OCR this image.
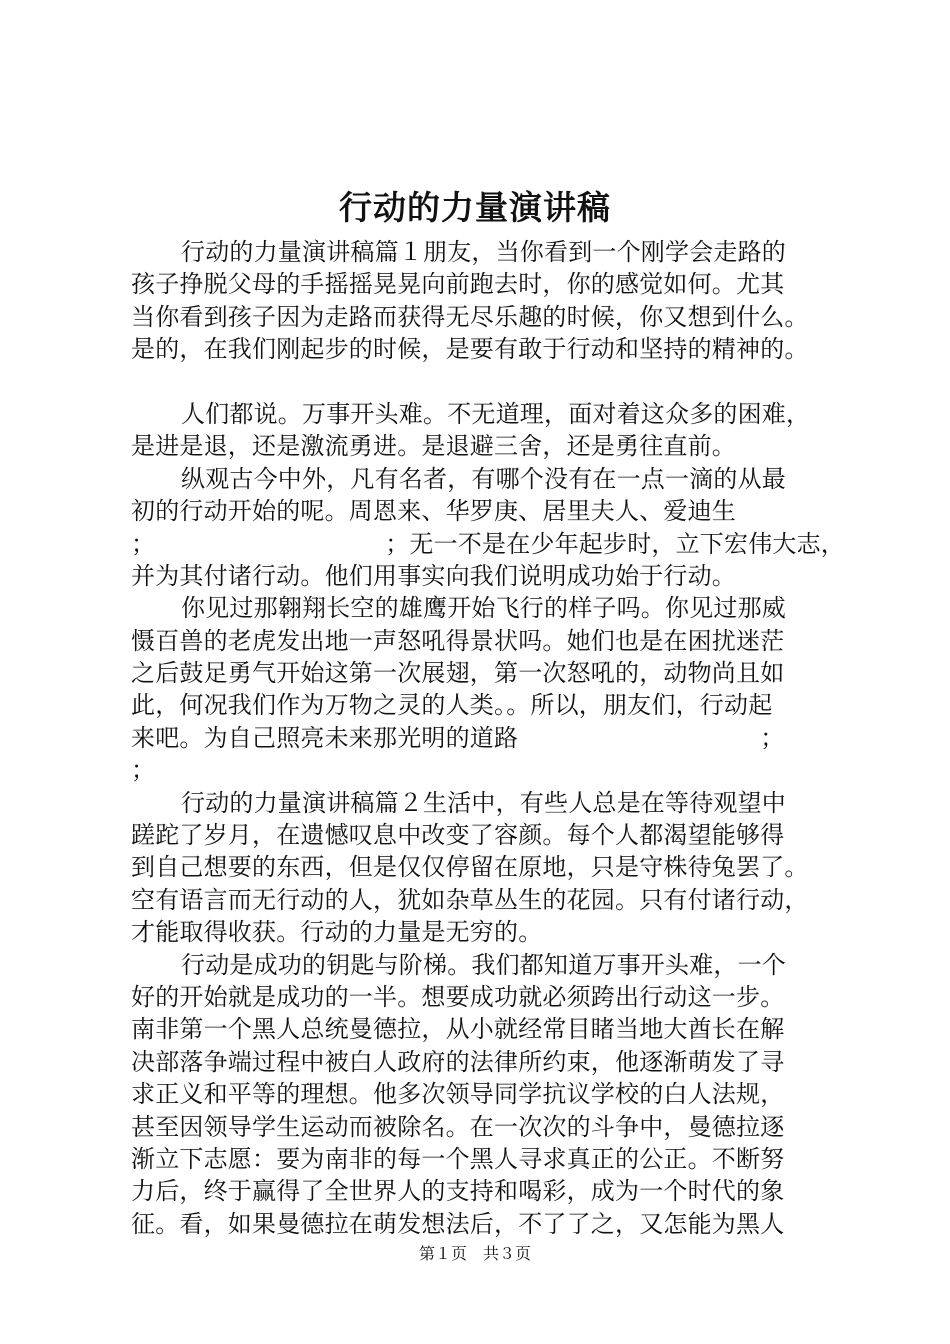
行动的力量演讲稿
行动的力量演讲稿篇１朋友，当你看到一个刚学会走路的
孩子挣脱父母的手摇摇晃晃向前跑去时，你的感觉如何。尤其
当你看到孩子因为走路而获得无尽乐趣的时候，你又想到什么。
是的，在我们刚起步的时候，是要有敢于行动和坚持的精神的。
人们都说。万事开头难。不无道理，面对着这众多的困难，
是进是退，还是激流勇进。是退避三舍，还是勇往直前。
纵观古今中外，凡有名者，有哪个没有在一点一滴的从最
初的行动开始的呢。周恩来、华罗庚、居里夫人、爱迪生
；　　　　　　　　　　；无一不是在少年起步时，立下宏伟大志，
并为其付诸行动。他们用事实向我们说明成功始于行动。
你见过那翱翔长空的雄鹰开始飞行的样子吗。你见过那威
慑百兽的老虎发出地一声怒吼得景状吗。她们也是在困扰迷茫
之后鼓足勇气开始这第一次展翅，第一次怒吼的，动物尚且如
此，何况我们作为万物之灵的人类。。所以，朋友们，行动起
来吧。为自己照亮未来那光明的道路　　　　　　　　　　；
；
行动的力量演讲稿篇２生活中，有些人总是在等待观望中
蹉跎了岁月，在遗憾叹息中改变了容颜。每个人都渴望能够得
到自己想要的东西，但是仅仅停留在原地，只是守株待兔罢了。
空有语言而无行动的人，犹如杂草丛生的花园。只有付诸行动，
才能取得收获。行动的力量是无穷的。
行动是成功的钥匙与阶梯。我们都知道万事开头难，一个
好的开始就是成功的一半。想要成功就必须跨出行动这一步。
南非第一个黑人总统曼德拉，从小就经常目睹当地大酋长在解
决部落争端过程中被白人政府的法律所约束，他逐渐萌发了寻
求正义和平等的理想。他多次领导同学抗议学校的白人法规，
甚至因领导学生运动而被除名。在一次次的斗争中，曼德拉逐
渐立下志愿：要为南非的每一个黑人寻求真正的公正。不断努
力后，终于赢得了全世界人的支持和喝彩，成为一个时代的象
征。看，如果曼德拉在萌发想法后，不了了之，又怎能为黑人
第１页　共３页
